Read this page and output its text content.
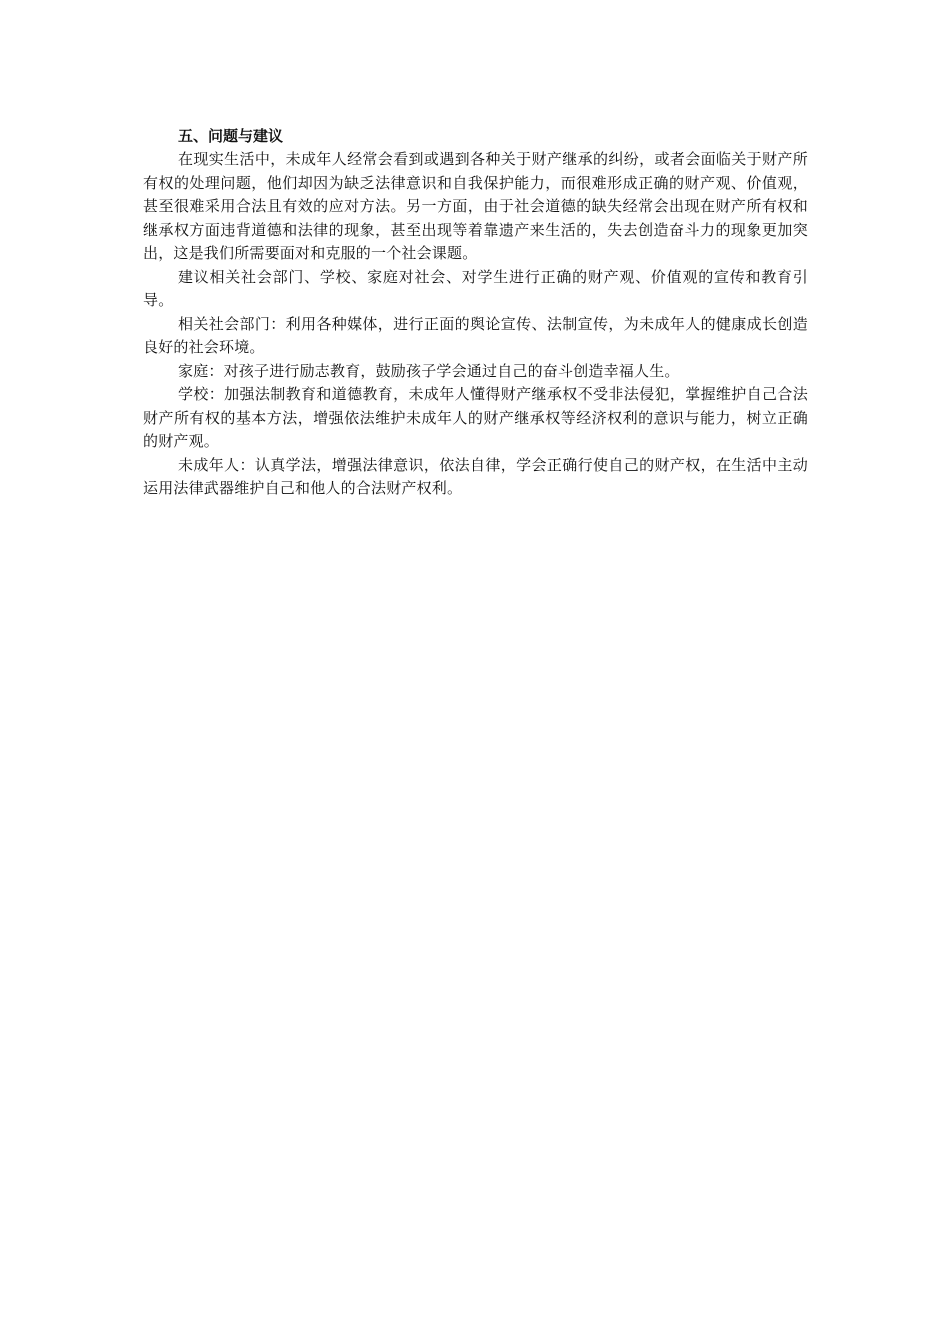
五、问题与建议

在现实生活中，未成年人经常会看到或遇到各种关于财产继承的纠纷，或者会面临关于财产所有权的处理问题，他们却因为缺乏法律意识和自我保护能力，而很难形成正确的财产观、价值观，甚至很难采用合法且有效的应对方法。另一方面，由于社会道德的缺失经常会出现在财产所有权和继承权方面违背道德和法律的现象，甚至出现等着靠遗产来生活的，失去创造奋斗力的现象更加突出，这是我们所需要面对和克服的一个社会课题。

建议相关社会部门、学校、家庭对社会、对学生进行正确的财产观、价值观的宣传和教育引导。

相关社会部门：利用各种媒体，进行正面的舆论宣传、法制宣传，为未成年人的健康成长创造良好的社会环境。

家庭：对孩子进行励志教育，鼓励孩子学会通过自己的奋斗创造幸福人生。

学校：加强法制教育和道德教育，未成年人懂得财产继承权不受非法侵犯，掌握维护自己合法财产所有权的基本方法，增强依法维护未成年人的财产继承权等经济权利的意识与能力，树立正确的财产观。

未成年人：认真学法，增强法律意识，依法自律，学会正确行使自己的财产权，在生活中主动运用法律武器维护自己和他人的合法财产权利。
